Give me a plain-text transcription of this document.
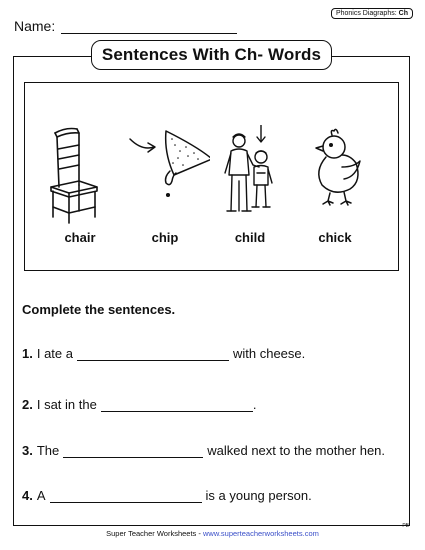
Name:
Phonics Diagraphs: Ch
Sentences With Ch- Words
chair	chip	child	chick
Complete the sentences.
1. I ate a	with cheese.
2. I sat in the	.
3. The	walked next to the mother hen.
4. A	is a young person.
Super Teacher Worksheets - www.superteacherworksheets.com
PB
